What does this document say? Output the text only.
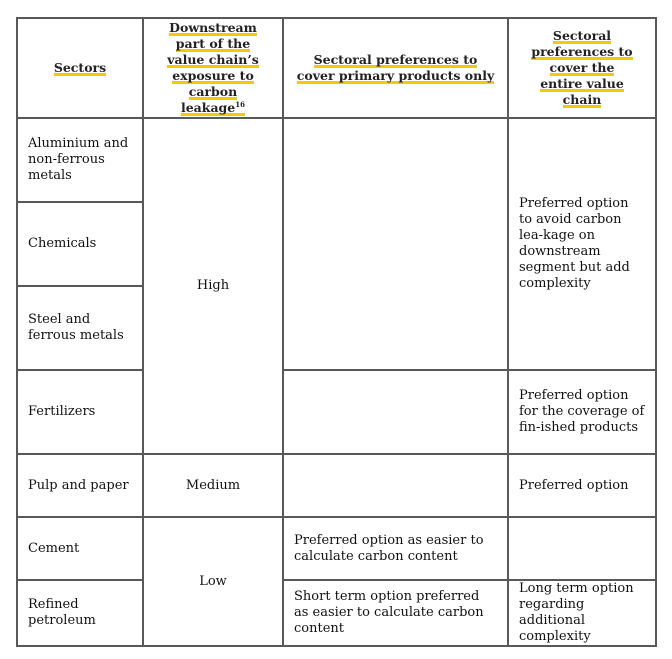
Sectors	Downstream part of the value chain’s exposure to carbon leakage$^{16}$	Sectoral preferences to cover primary products only	Sectoral preferences to cover the entire value chain
Aluminium and non-ferrous metals	High		Preferred option to avoid carbon lea-kage on downstream segment but add complexity
Chemicals			
Steel and ferrous metals			
Fertilizers			Preferred option for the coverage of fin-ished products
Pulp and paper	Medium		Preferred option
Cement	Low	Preferred option as easier to calculate carbon content	
Refined petroleum		Short term option preferred as easier to calculate carbon content	Long term option regarding additional complexity
